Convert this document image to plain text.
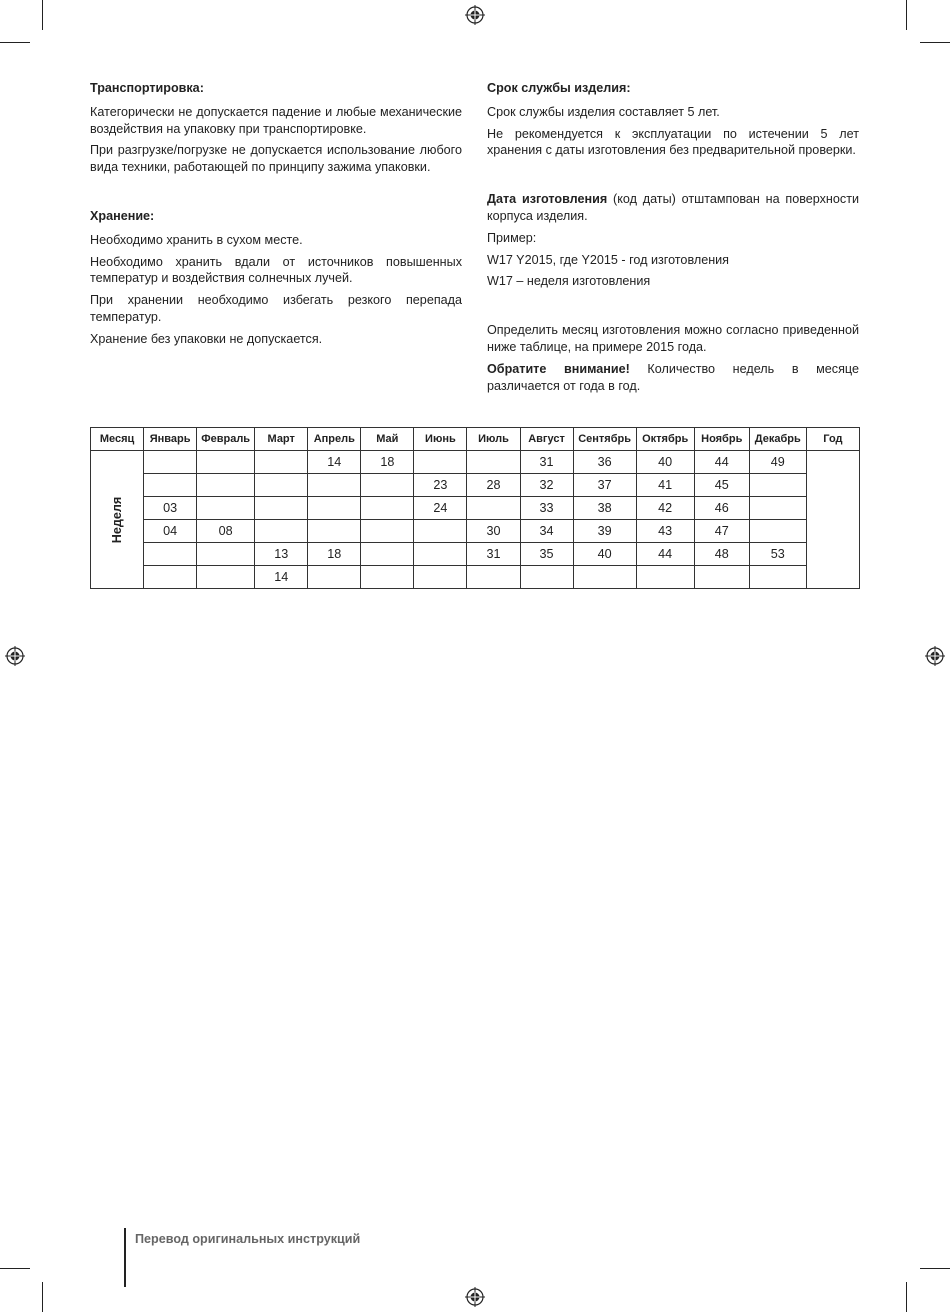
Транспортировка:

Категорически не допускается падение и любые механические воздействия на упаковку при транспортировке.

При разгрузке/погрузке не допускается использование любого вида техники, работающей по принципу зажима упаковки.

Хранение:

Необходимо хранить в сухом месте.

Необходимо хранить вдали от источников повышенных температур и воздействия солнечных лучей.

При хранении необходимо избегать резкого перепада температур.

Хранение без упаковки не допускается.

Срок службы изделия:

Срок службы изделия составляет 5 лет.

Не рекомендуется к эксплуатации по истечении 5 лет хранения с даты изготовления без предварительной проверки.

Дата изготовления (код даты) отштампован на поверхности корпуса изделия.

Пример:

W17 Y2015, где Y2015 - год изготовления

W17 – неделя изготовления

Определить месяц изготовления можно согласно приведенной ниже таблице, на примере 2015 года.

Обратите внимание! Количество недель в месяце различается от года в год.

Месяц	Январь	Февраль	Март	Апрель	Май	Июнь	Июль	Август	Сентябрь	Октябрь	Ноябрь	Декабрь	Год

Неделя				14	18			31	36	40	44	49	
						23	28	32	37	41	45		
	03					24		33	38	42	46		
	04	08					30	34	39	43	47		
			13	18			31	35	40	44	48	53	
			14										
Перевод оригинальных инструкций
